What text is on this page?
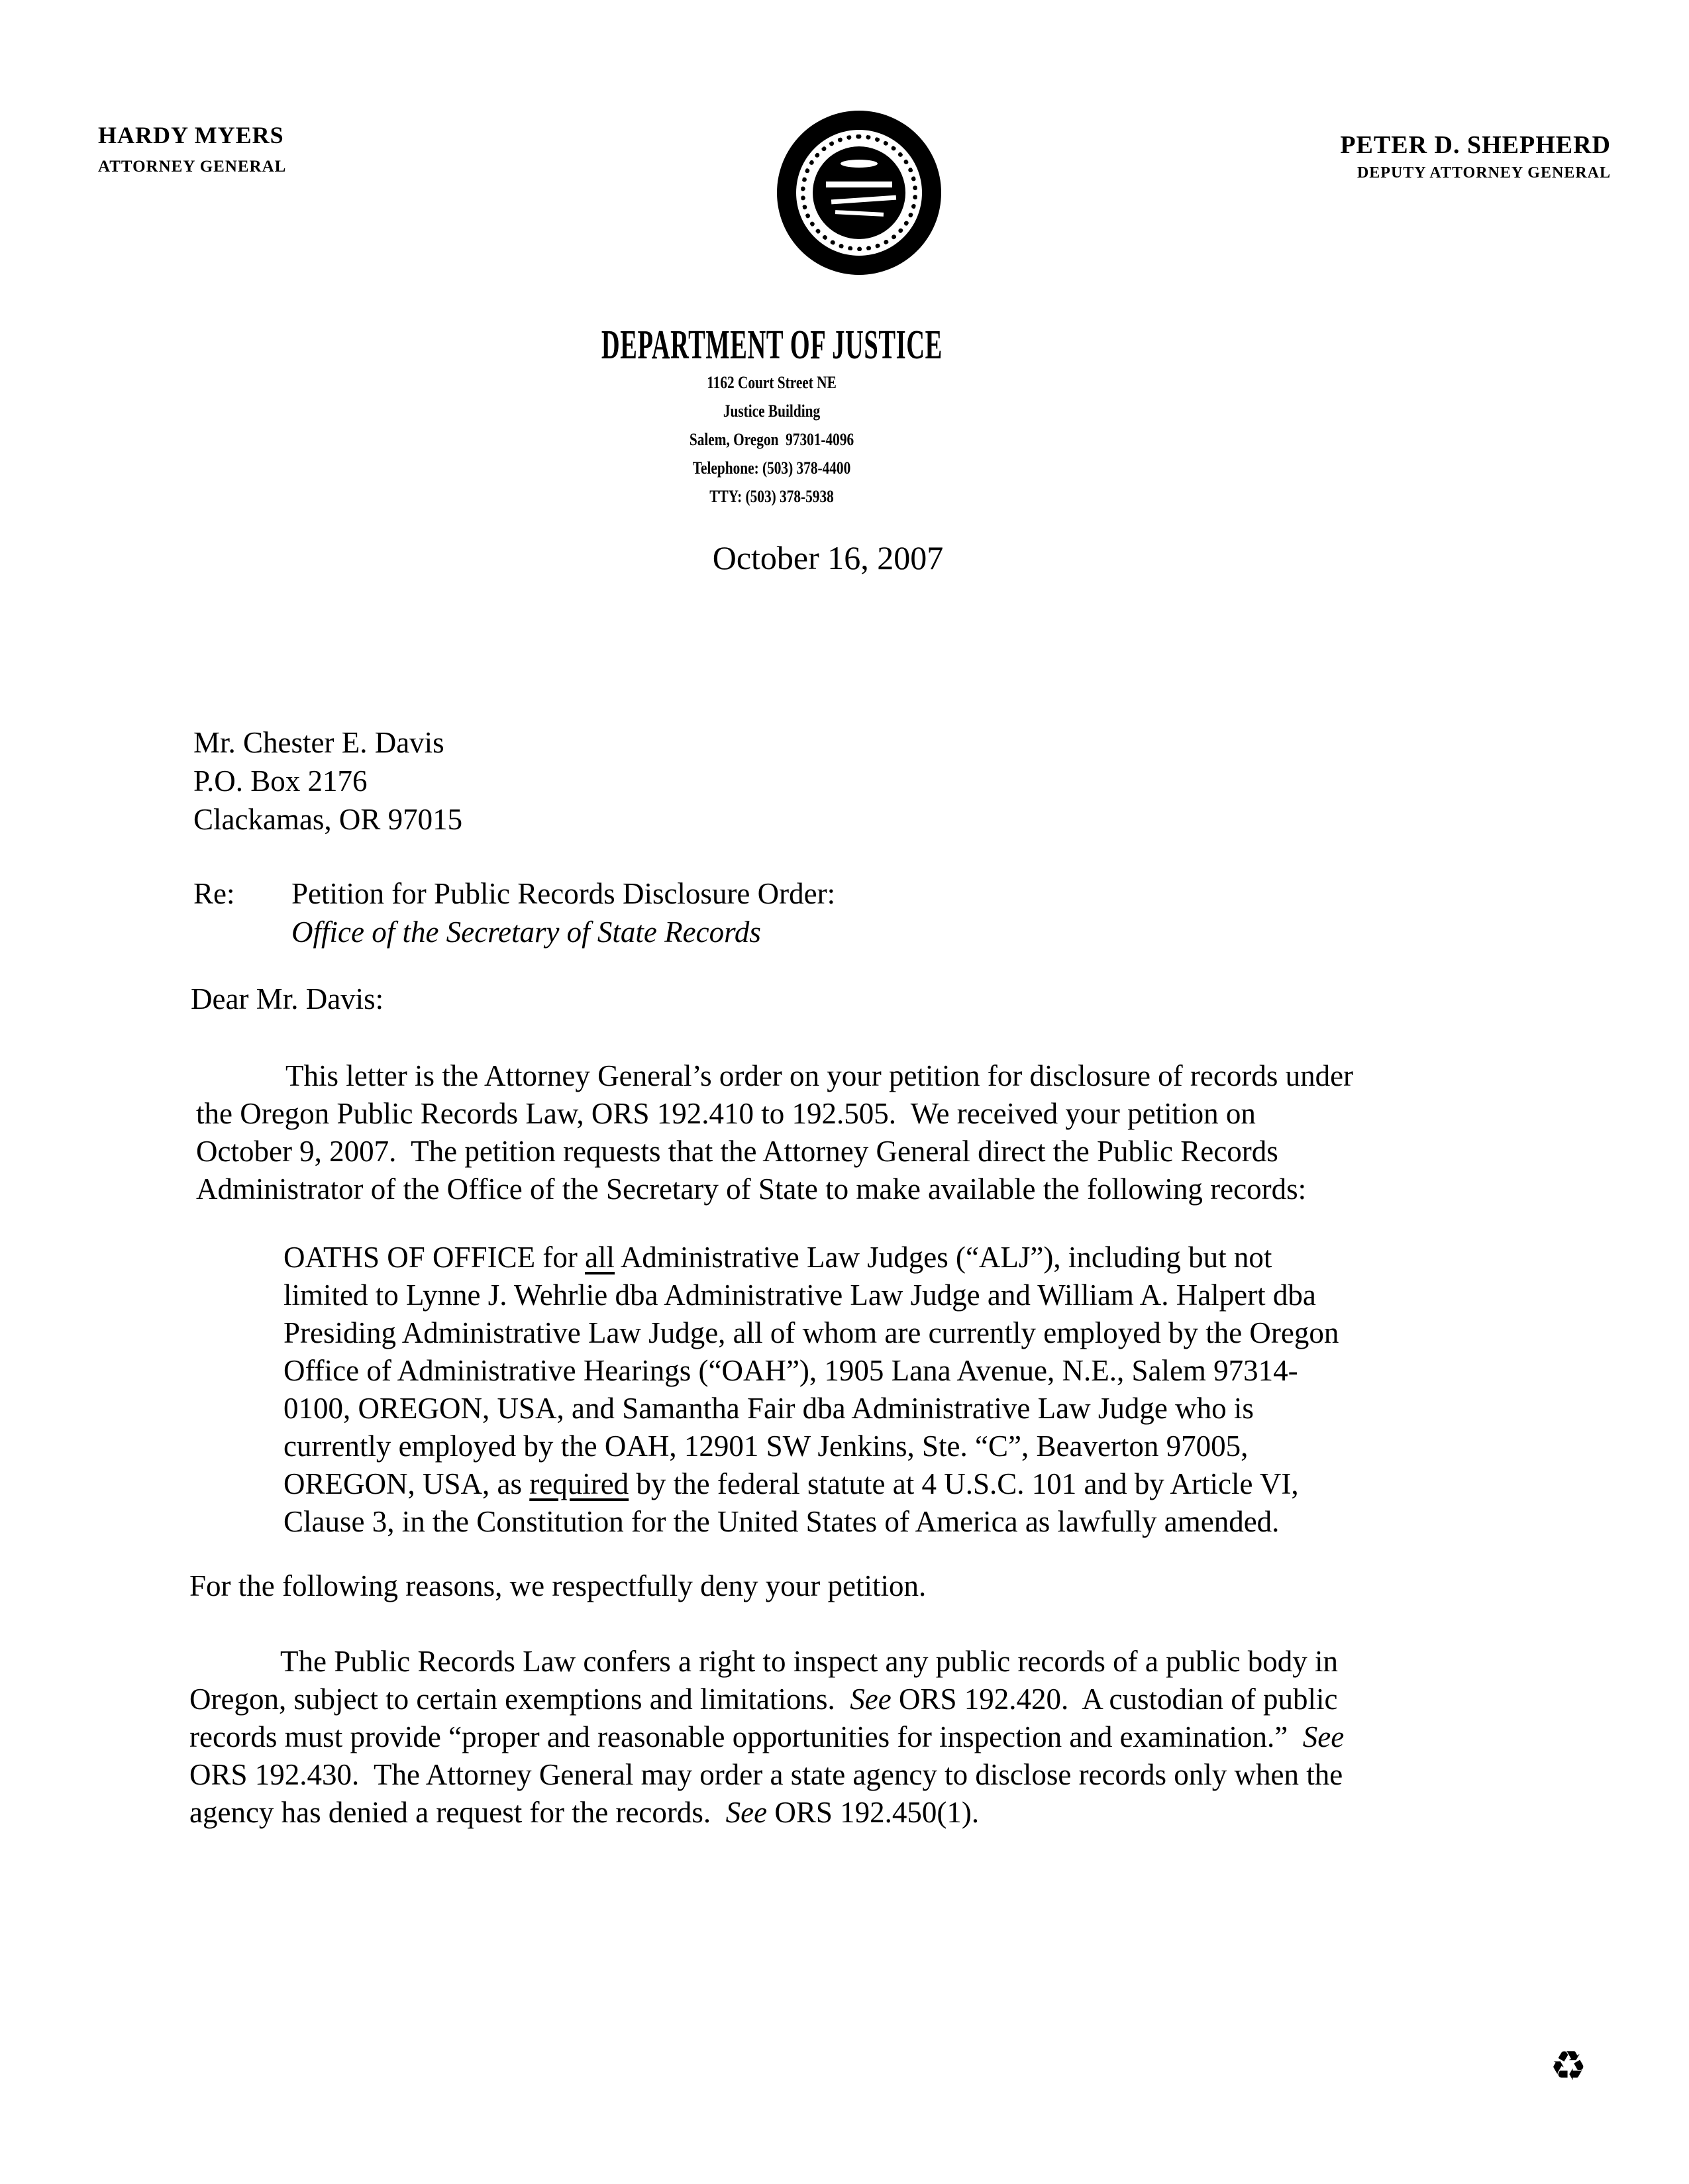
HARDY MYERS
ATTORNEY GENERAL
PETER D. SHEPHERD
DEPUTY ATTORNEY GENERAL
DEPARTMENT OF JUSTICE
1162 Court Street NE
Justice Building
Salem, Oregon  97301-4096
Telephone: (503) 378-4400
TTY: (503) 378-5938
October 16, 2007
Mr. Chester E. Davis
P.O. Box 2176
Clackamas, OR 97015
Re:	Petition for Public Records Disclosure Order:
Office of the Secretary of State Records
Dear Mr. Davis:
This letter is the Attorney General’s order on your petition for disclosure of records under
the Oregon Public Records Law, ORS 192.410 to 192.505.  We received your petition on
October 9, 2007.  The petition requests that the Attorney General direct the Public Records
Administrator of the Office of the Secretary of State to make available the following records:
OATHS OF OFFICE for all Administrative Law Judges (“ALJ”), including but not
limited to Lynne J. Wehrlie dba Administrative Law Judge and William A. Halpert dba
Presiding Administrative Law Judge, all of whom are currently employed by the Oregon
Office of Administrative Hearings (“OAH”), 1905 Lana Avenue, N.E., Salem 97314-
0100, OREGON, USA, and Samantha Fair dba Administrative Law Judge who is
currently employed by the OAH, 12901 SW Jenkins, Ste. “C”, Beaverton 97005,
OREGON, USA, as required by the federal statute at 4 U.S.C. 101 and by Article VI,
Clause 3, in the Constitution for the United States of America as lawfully amended.
For the following reasons, we respectfully deny your petition.
The Public Records Law confers a right to inspect any public records of a public body in
Oregon, subject to certain exemptions and limitations.  See ORS 192.420.  A custodian of public
records must provide “proper and reasonable opportunities for inspection and examination.”  See
ORS 192.430.  The Attorney General may order a state agency to disclose records only when the
agency has denied a request for the records.  See ORS 192.450(1).
♻
